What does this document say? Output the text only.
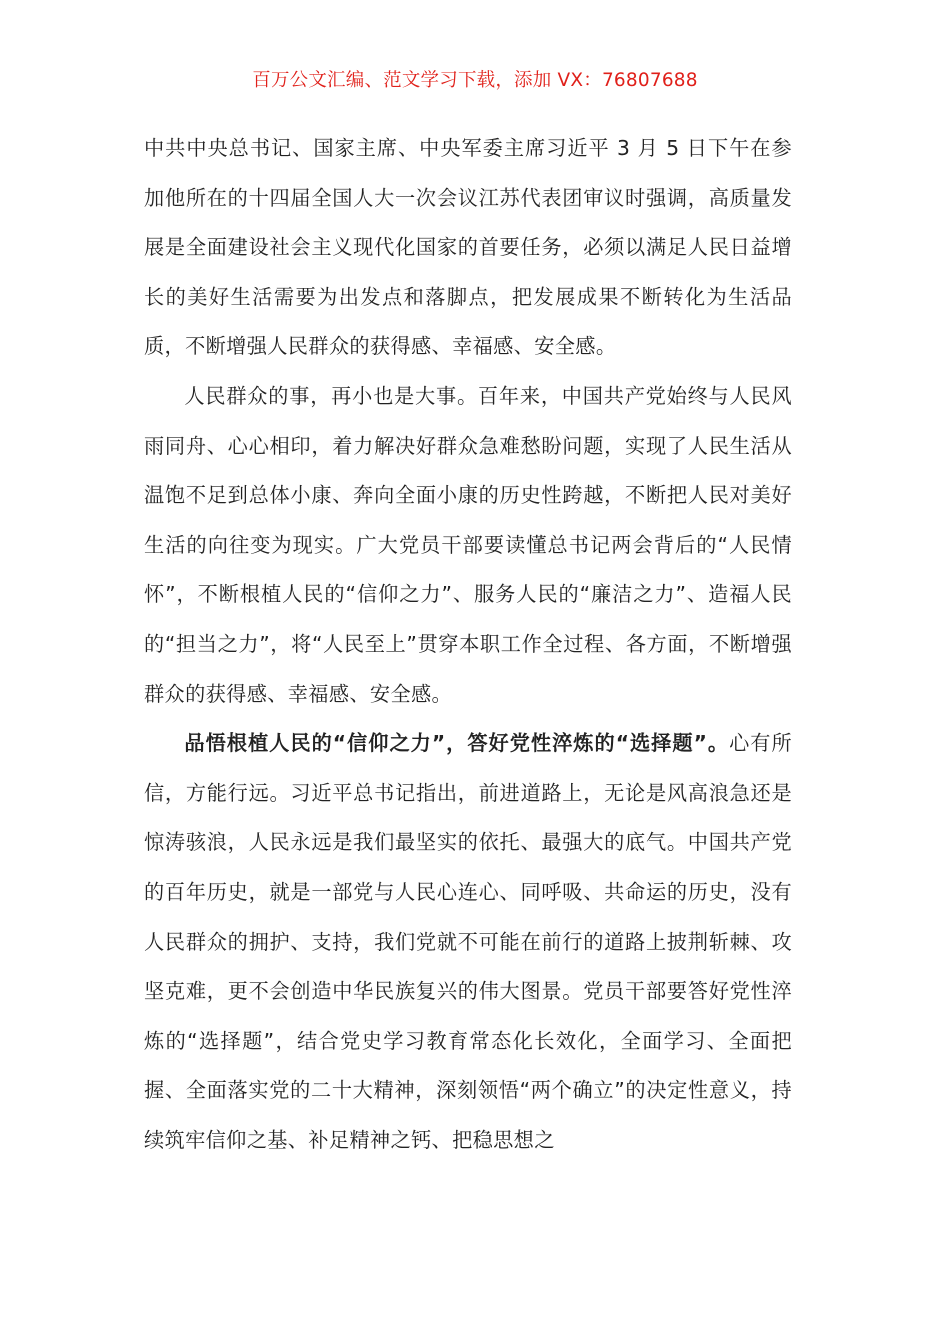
百万公文汇编、范文学习下载，添加 VX：76807688

中共中央总书记、国家主席、中央军委主席习近平 3 月 5 日下午在参加他所在的十四届全国人大一次会议江苏代表团审议时强调，高质量发展是全面建设社会主义现代化国家的首要任务，必须以满足人民日益增长的美好生活需要为出发点和落脚点，把发展成果不断转化为生活品质，不断增强人民群众的获得感、幸福感、安全感。

人民群众的事，再小也是大事。百年来，中国共产党始终与人民风雨同舟、心心相印，着力解决好群众急难愁盼问题，实现了人民生活从温饱不足到总体小康、奔向全面小康的历史性跨越，不断把人民对美好生活的向往变为现实。广大党员干部要读懂总书记两会背后的“人民情怀”，不断根植人民的“信仰之力”、服务人民的“廉洁之力”、造福人民的“担当之力”，将“人民至上”贯穿本职工作全过程、各方面，不断增强群众的获得感、幸福感、安全感。

品悟根植人民的“信仰之力”，答好党性淬炼的“选择题”。心有所信，方能行远。习近平总书记指出，前进道路上，无论是风高浪急还是惊涛骇浪，人民永远是我们最坚实的依托、最强大的底气。中国共产党的百年历史，就是一部党与人民心连心、同呼吸、共命运的历史，没有人民群众的拥护、支持，我们党就不可能在前行的道路上披荆斩棘、攻坚克难，更不会创造中华民族复兴的伟大图景。党员干部要答好党性淬炼的“选择题”，结合党史学习教育常态化长效化，全面学习、全面把握、全面落实党的二十大精神，深刻领悟“两个确立”的决定性意义，持续筑牢信仰之基、补足精神之钙、把稳思想之
